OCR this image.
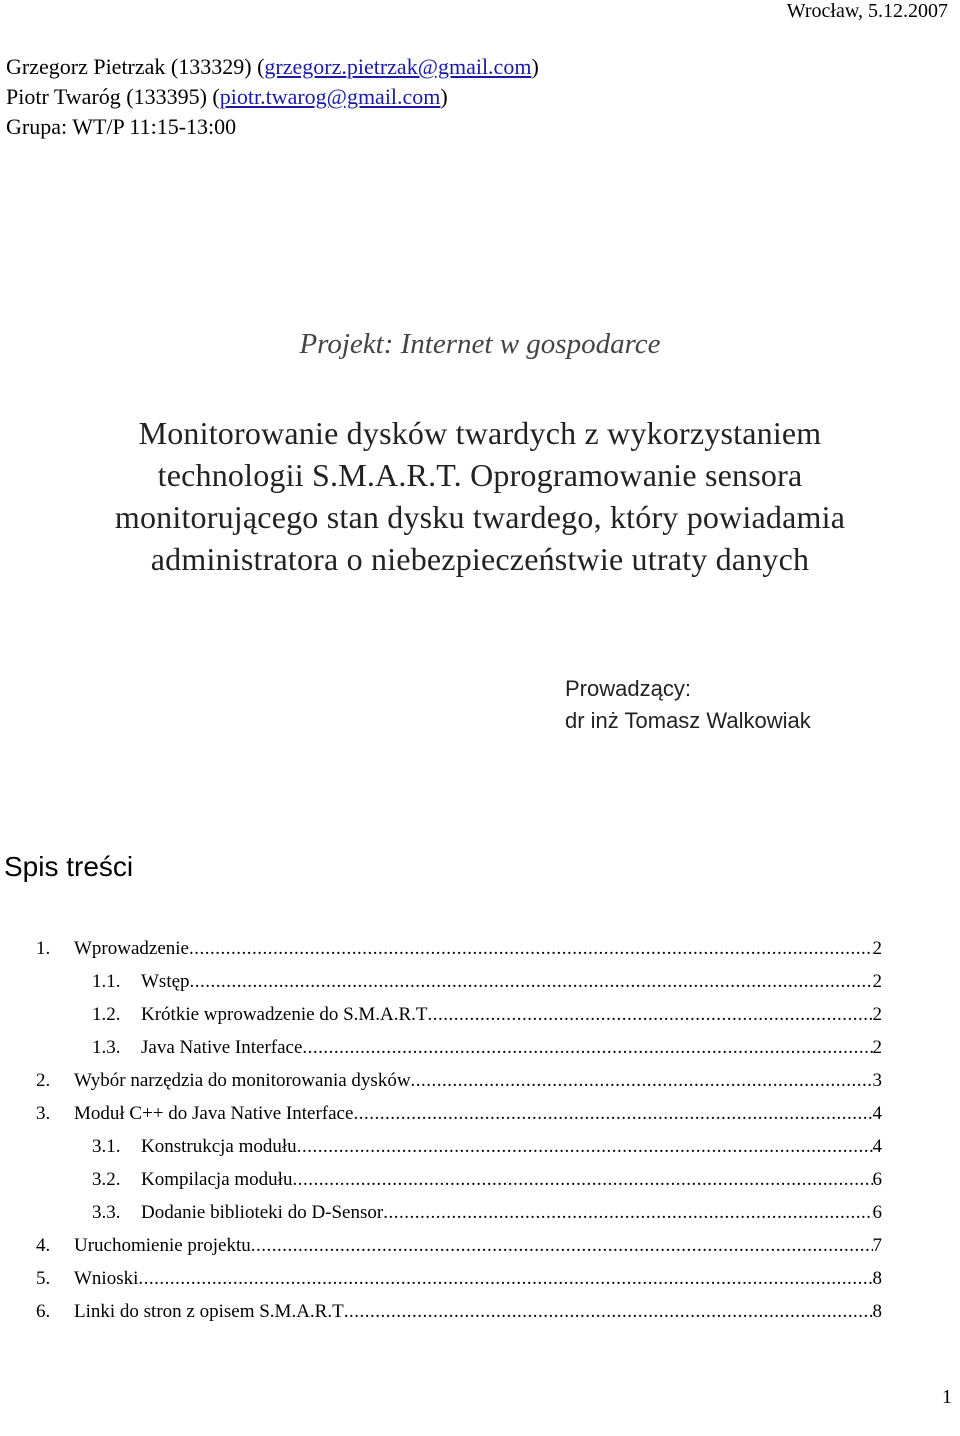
Wrocław, 5.12.2007
Grzegorz Pietrzak (133329) (grzegorz.pietrzak@gmail.com)
Piotr Twaróg (133395) (piotr.twarog@gmail.com)
Grupa: WT/P 11:15-13:00
Projekt: Internet w gospodarce
Monitorowanie dysków twardych z wykorzystaniem
technologii S.M.A.R.T. Oprogramowanie sensora
monitorującego stan dysku twardego, który powiadamia
administratora o niebezpieczeństwie utraty danych
Prowadzący:
dr inż Tomasz Walkowiak
Spis treści
1. Wprowadzenie .....	2
1.1. Wstęp .....	2
1.2. Krótkie wprowadzenie do S.M.A.R.T .....	2
1.3. Java Native Interface .....	2
2. Wybór narzędzia do monitorowania dysków .....	3
3. Moduł C++ do Java Native Interface .....	4
3.1. Konstrukcja modułu .....	4
3.2. Kompilacja modułu .....	6
3.3. Dodanie biblioteki do D-Sensor .....	6
4. Uruchomienie projektu .....	7
5. Wnioski .....	8
6. Linki do stron z opisem S.M.A.R.T .....	8
1
